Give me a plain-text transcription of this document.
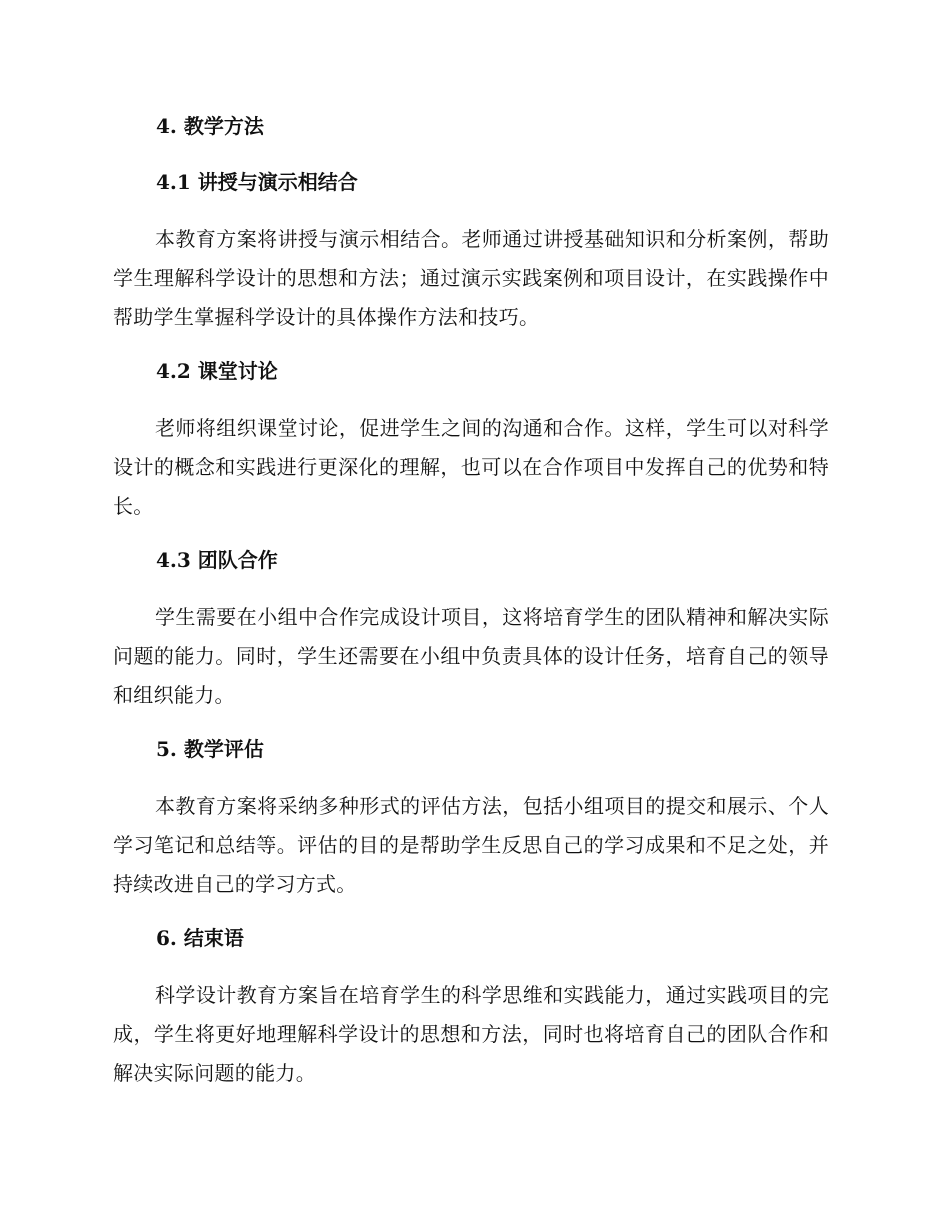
4. 教学方法
4.1 讲授与演示相结合

本教育方案将讲授与演示相结合。老师通过讲授基础知识和分析案例，帮助学生理解科学设计的思想和方法；通过演示实践案例和项目设计，在实践操作中帮助学生掌握科学设计的具体操作方法和技巧。

4.2 课堂讨论

老师将组织课堂讨论，促进学生之间的沟通和合作。这样，学生可以对科学设计的概念和实践进行更深化的理解，也可以在合作项目中发挥自己的优势和特长。

4.3 团队合作

学生需要在小组中合作完成设计项目，这将培育学生的团队精神和解决实际问题的能力。同时，学生还需要在小组中负责具体的设计任务，培育自己的领导和组织能力。

5. 教学评估

本教育方案将采纳多种形式的评估方法，包括小组项目的提交和展示、个人学习笔记和总结等。评估的目的是帮助学生反思自己的学习成果和不足之处，并持续改进自己的学习方式。

6. 结束语

科学设计教育方案旨在培育学生的科学思维和实践能力，通过实践项目的完成，学生将更好地理解科学设计的思想和方法，同时也将培育自己的团队合作和解决实际问题的能力。
